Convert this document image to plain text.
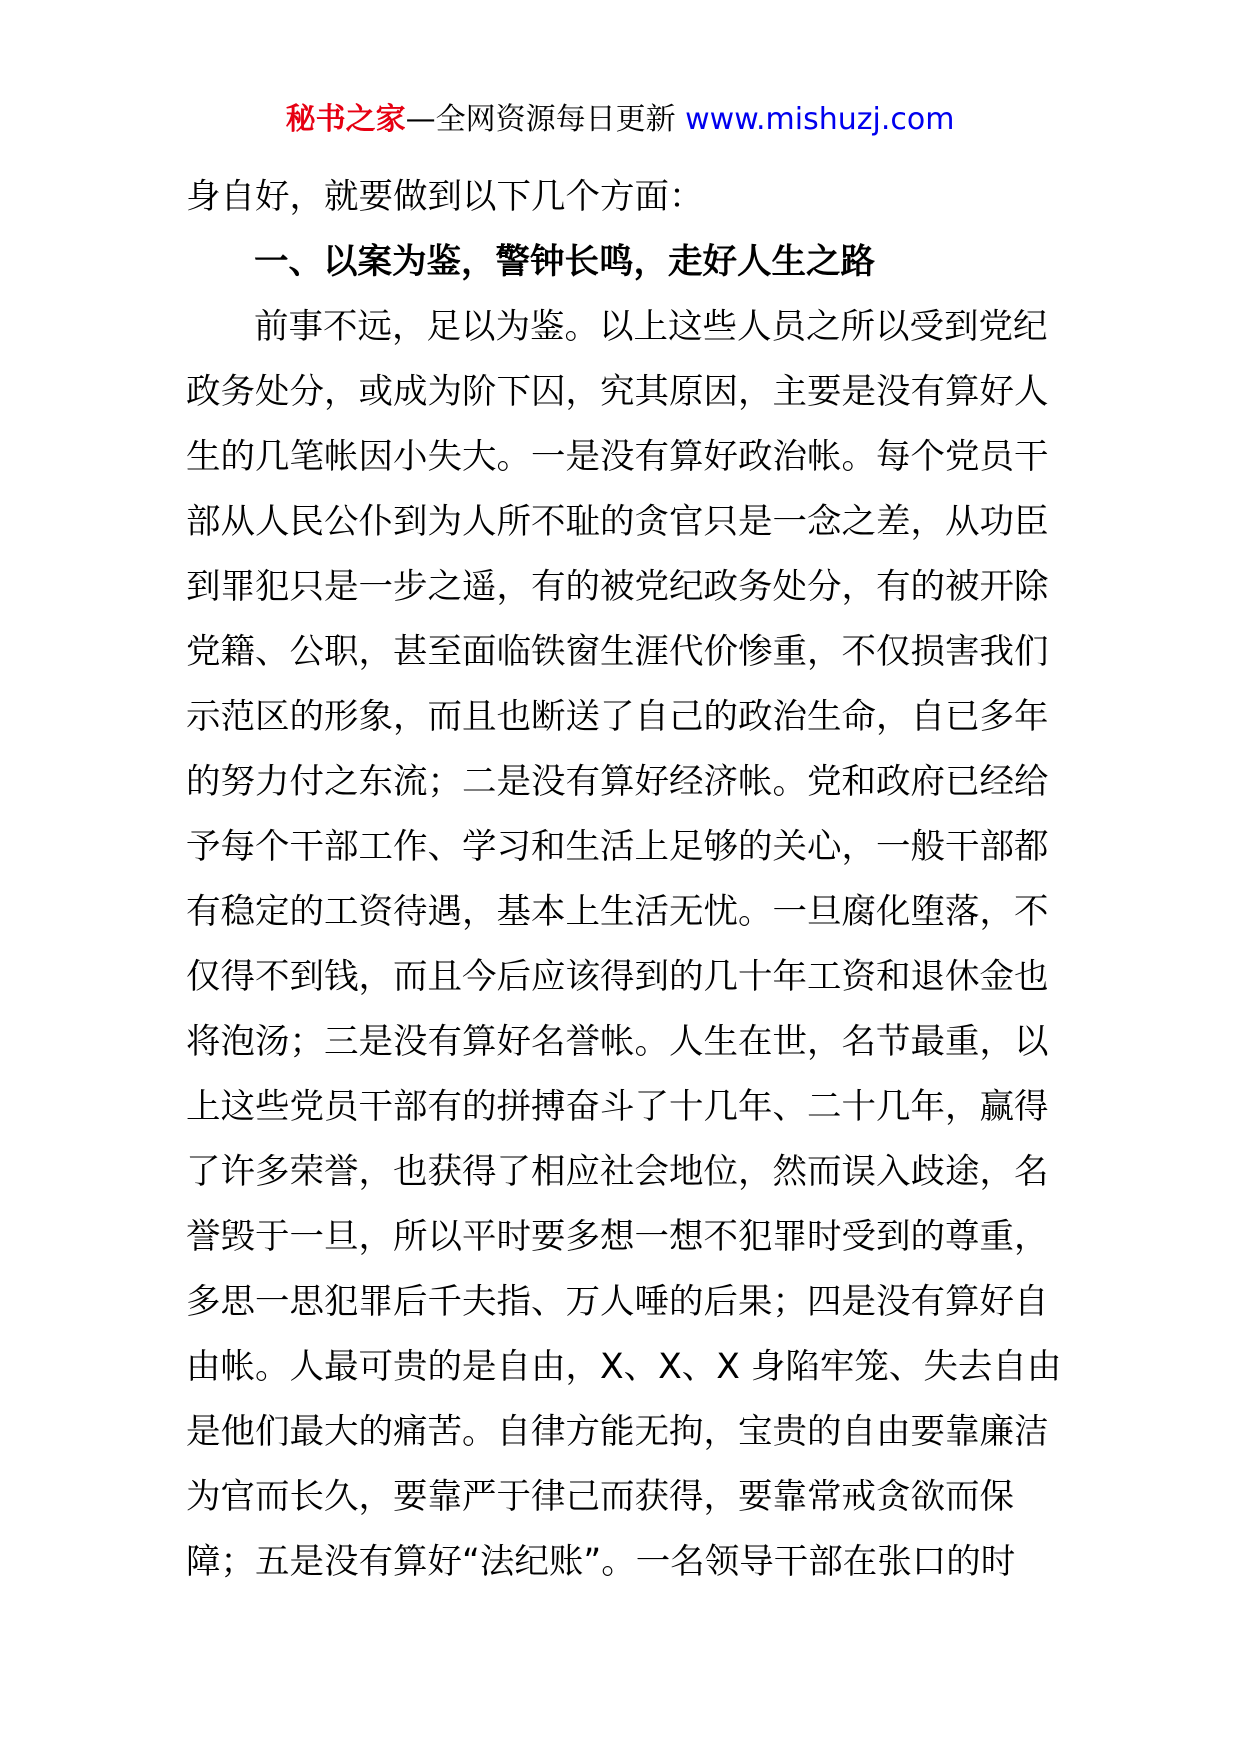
秘书之家—全网资源每日更新 www.mishuzj.com
身自好，就要做到以下几个方面：
一、以案为鉴，警钟长鸣，走好人生之路
前事不远，足以为鉴。以上这些人员之所以受到党纪
政务处分，或成为阶下囚，究其原因，主要是没有算好人
生的几笔帐因小失大。一是没有算好政治帐。每个党员干
部从人民公仆到为人所不耻的贪官只是一念之差，从功臣
到罪犯只是一步之遥，有的被党纪政务处分，有的被开除
党籍、公职，甚至面临铁窗生涯代价惨重，不仅损害我们
示范区的形象，而且也断送了自己的政治生命，自已多年
的努力付之东流；二是没有算好经济帐。党和政府已经给
予每个干部工作、学习和生活上足够的关心，一般干部都
有稳定的工资待遇，基本上生活无忧。一旦腐化堕落，不
仅得不到钱，而且今后应该得到的几十年工资和退休金也
将泡汤；三是没有算好名誉帐。人生在世，名节最重，以
上这些党员干部有的拼搏奋斗了十几年、二十几年，赢得
了许多荣誉，也获得了相应社会地位，然而误入歧途，名
誉毁于一旦，所以平时要多想一想不犯罪时受到的尊重，
多思一思犯罪后千夫指、万人唾的后果；四是没有算好自
由帐。人最可贵的是自由，X、X、X 身陷牢笼、失去自由
是他们最大的痛苦。自律方能无拘，宝贵的自由要靠廉洁
为官而长久，要靠严于律己而获得，要靠常戒贪欲而保
障；五是没有算好“法纪账”。一名领导干部在张口的时
